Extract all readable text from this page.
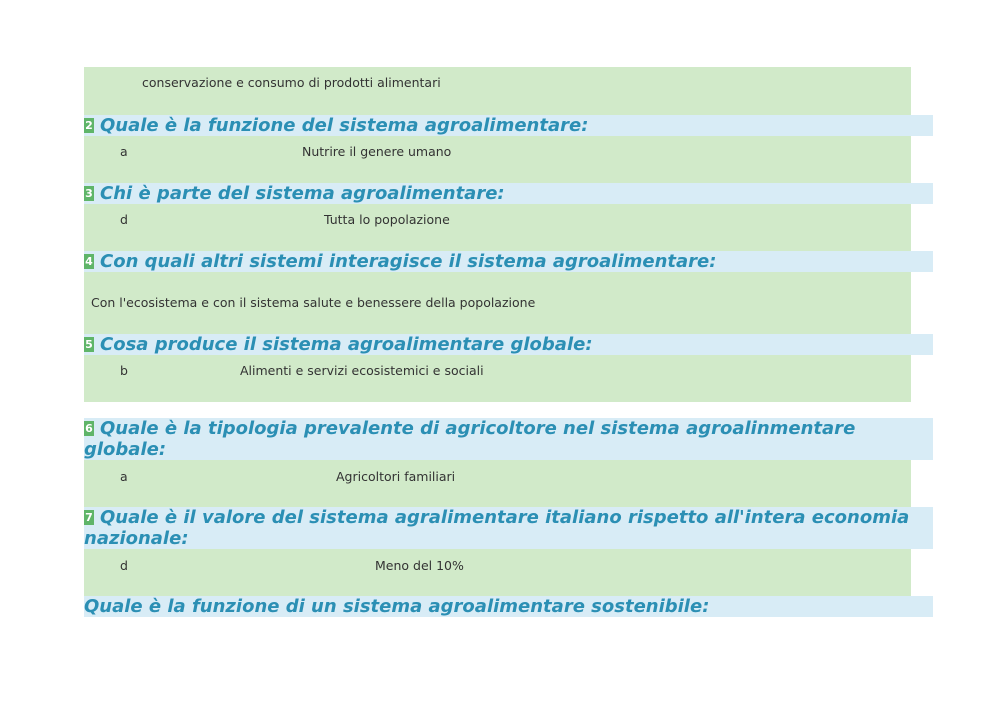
conservazione e consumo di prodotti alimentari
2 Quale è la funzione del sistema agroalimentare:
a	Nutrire il genere umano
3 Chi è parte del sistema agroalimentare:
d	Tutta lo popolazione
4 Con quali altri sistemi interagisce il sistema agroalimentare:
Con l'ecosistema e con il sistema salute e benessere della popolazione
5 Cosa produce il sistema agroalimentare globale:
b	Alimenti e servizi ecosistemici e sociali
6 Quale è la tipologia prevalente di agricoltore nel sistema agroalinmentare globale:
a	Agricoltori familiari
7 Quale è il valore del sistema agralimentare italiano rispetto all'intera economia nazionale:
d	Meno del 10%
Quale è la funzione di un sistema agroalimentare sostenibile:
